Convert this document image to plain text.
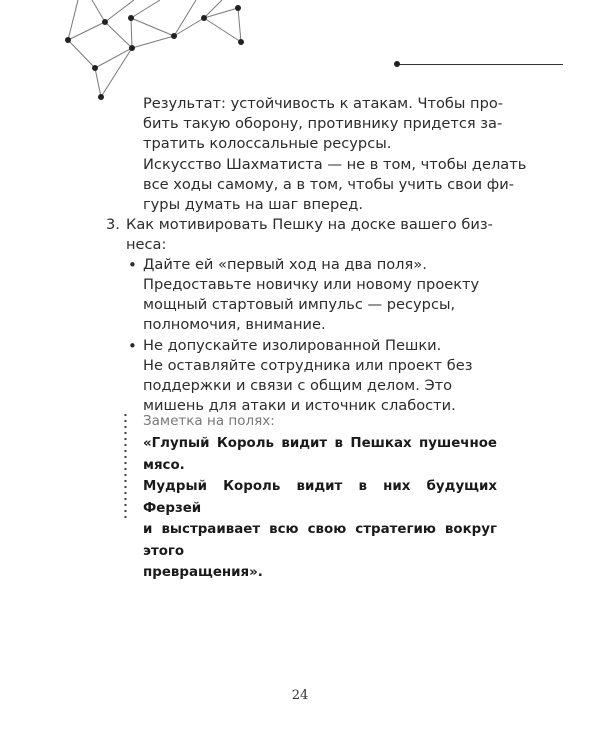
Результат: устойчивость к атакам. Чтобы про-
бить такую оборону, противнику придется за-
тратить колоссальные ресурсы.
Искусство Шахматиста — не в том, чтобы делать
все ходы самому, а в том, чтобы учить свои фи-
гуры думать на шаг вперед.
3. Как мотивировать Пешку на доске вашего биз-
неса:
• Дайте ей «первый ход на два поля».
Предоставьте новичку или новому проекту
мощный стартовый импульс — ресурсы,
полномочия, внимание.
• Не допускайте изолированной Пешки.
Не оставляйте сотрудника или проект без
поддержки и связи с общим делом. Это
мишень для атаки и источник слабости.
Заметка на полях:
«Глупый Король видит в Пешках пушечное мясо.
Мудрый Король видит в них будущих Ферзей
и выстраивает всю свою стратегию вокруг этого
превращения».
24
